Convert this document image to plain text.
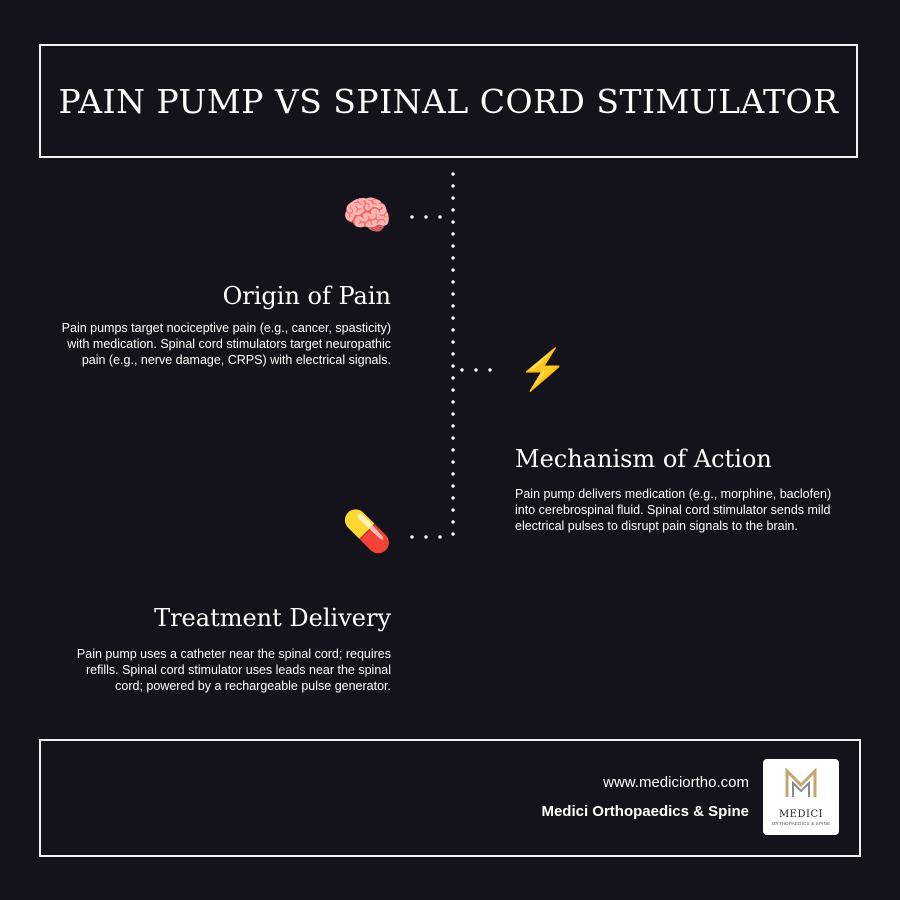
PAIN PUMP VS SPINAL CORD STIMULATOR
🧠
Origin of Pain
Pain pumps target nociceptive pain (e.g., cancer, spasticity)
with medication. Spinal cord stimulators target neuropathic
pain (e.g., nerve damage, CRPS) with electrical signals.	⚡
Mechanism of Action
Pain pump delivers medication (e.g., morphine, baclofen)
into cerebrospinal fluid. Spinal cord stimulator sends mild
electrical pulses to disrupt pain signals to the brain.
💊
Treatment Delivery
Pain pump uses a catheter near the spinal cord; requires
refills. Spinal cord stimulator uses leads near the spinal
cord; powered by a rechargeable pulse generator.
www.mediciortho.com
Medici Orthopaedics & Spine	MEDICI
ORTHOPAEDICS & SPINE
